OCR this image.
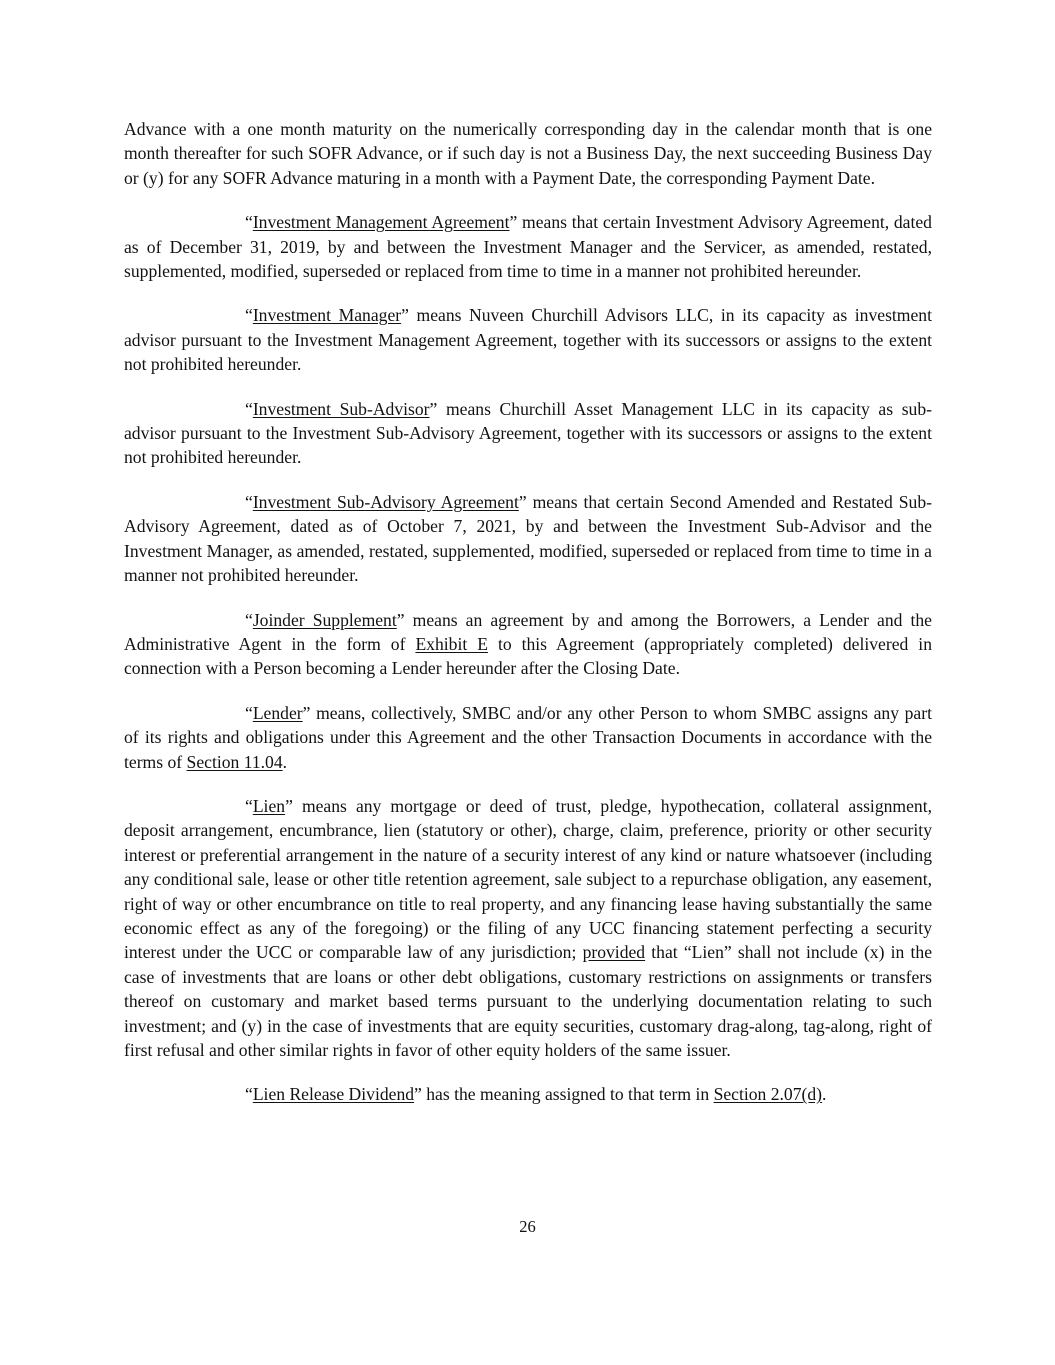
Advance with a one month maturity on the numerically corresponding day in the calendar month that is one month thereafter for such SOFR Advance, or if such day is not a Business Day, the next succeeding Business Day or (y) for any SOFR Advance maturing in a month with a Payment Date, the corresponding Payment Date.

“Investment Management Agreement” means that certain Investment Advisory Agreement, dated as of December 31, 2019, by and between the Investment Manager and the Servicer, as amended, restated, supplemented, modified, superseded or replaced from time to time in a manner not prohibited hereunder.

“Investment Manager” means Nuveen Churchill Advisors LLC, in its capacity as investment advisor pursuant to the Investment Management Agreement, together with its successors or assigns to the extent not prohibited hereunder.

“Investment Sub-Advisor” means Churchill Asset Management LLC in its capacity as sub-advisor pursuant to the Investment Sub-Advisory Agreement, together with its successors or assigns to the extent not prohibited hereunder.

“Investment Sub-Advisory Agreement” means that certain Second Amended and Restated Sub-Advisory Agreement, dated as of October 7, 2021, by and between the Investment Sub-Advisor and the Investment Manager, as amended, restated, supplemented, modified, superseded or replaced from time to time in a manner not prohibited hereunder.

“Joinder Supplement” means an agreement by and among the Borrowers, a Lender and the Administrative Agent in the form of Exhibit E to this Agreement (appropriately completed) delivered in connection with a Person becoming a Lender hereunder after the Closing Date.

“Lender” means, collectively, SMBC and/or any other Person to whom SMBC assigns any part of its rights and obligations under this Agreement and the other Transaction Documents in accordance with the terms of Section 11.04.

“Lien” means any mortgage or deed of trust, pledge, hypothecation, collateral assignment, deposit arrangement, encumbrance, lien (statutory or other), charge, claim, preference, priority or other security interest or preferential arrangement in the nature of a security interest of any kind or nature whatsoever (including any conditional sale, lease or other title retention agreement, sale subject to a repurchase obligation, any easement, right of way or other encumbrance on title to real property, and any financing lease having substantially the same economic effect as any of the foregoing) or the filing of any UCC financing statement perfecting a security interest under the UCC or comparable law of any jurisdiction; provided that “Lien” shall not include (x) in the case of investments that are loans or other debt obligations, customary restrictions on assignments or transfers thereof on customary and market based terms pursuant to the underlying documentation relating to such investment; and (y) in the case of investments that are equity securities, customary drag-along, tag-along, right of first refusal and other similar rights in favor of other equity holders of the same issuer.

“Lien Release Dividend” has the meaning assigned to that term in Section 2.07(d).

26
